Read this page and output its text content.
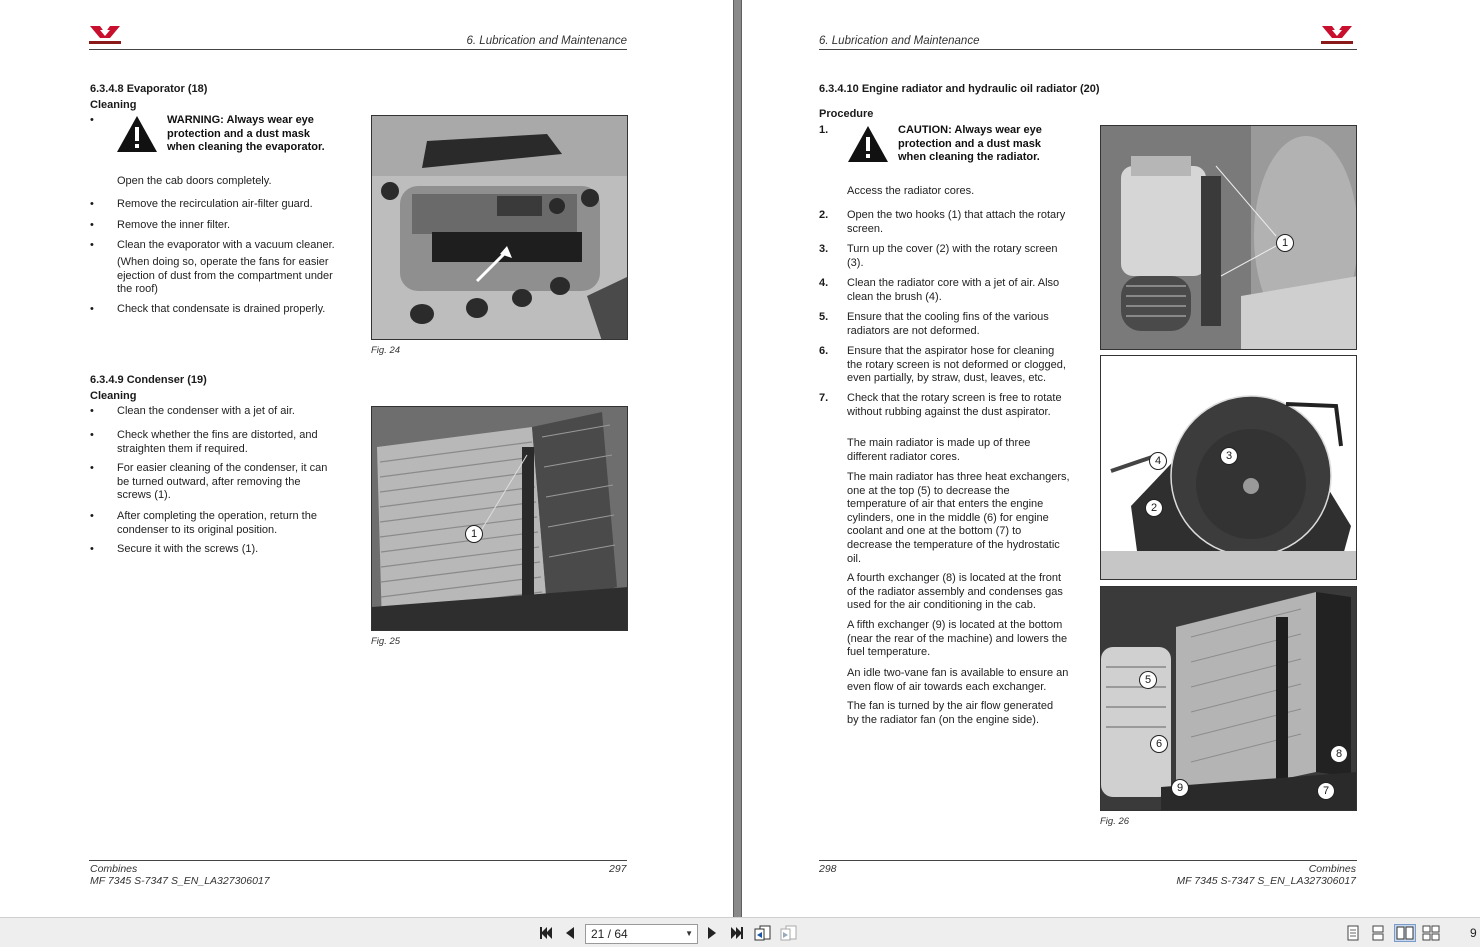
6. Lubrication and Maintenance
6.3.4.8 Evaporator (18)
Cleaning
•	WARNING: Always wear eye
protection and a dust mask
when cleaning the evaporator.
Open the cab doors completely.
• Remove the recirculation air-filter guard.
• Remove the inner filter.
• Clean the evaporator with a vacuum cleaner.
(When doing so, operate the fans for easier
ejection of dust from the compartment under
the roof)
• Check that condensate is drained properly.
Fig. 24
6.3.4.9 Condenser (19)
Cleaning
• Clean the condenser with a jet of air.
• Check whether the fins are distorted, and
straighten them if required.
• For easier cleaning of the condenser, it can
be turned outward, after removing the
screws (1).
• After completing the operation, return the
condenser to its original position.
• Secure it with the screws (1).
1
Fig. 25
Combines
MF 7345 S-7347 S_EN_LA327306017
297
6. Lubrication and Maintenance
6.3.4.10 Engine radiator and hydraulic oil radiator (20)
Procedure
1.	CAUTION: Always wear eye
protection and a dust mask
when cleaning the radiator.
Access the radiator cores.
2. Open the two hooks (1) that attach the rotary
screen.
3. Turn up the cover (2) with the rotary screen
(3).
4. Clean the radiator core with a jet of air. Also
clean the brush (4).
5. Ensure that the cooling fins of the various
radiators are not deformed.
6. Ensure that the aspirator hose for cleaning
the rotary screen is not deformed or clogged,
even partially, by straw, dust, leaves, etc.
7. Check that the rotary screen is free to rotate
without rubbing against the dust aspirator.
The main radiator is made up of three
different radiator cores.
The main radiator has three heat exchangers,
one at the top (5) to decrease the
temperature of air that enters the engine
cylinders, one in the middle (6) for engine
coolant and one at the bottom (7) to
decrease the temperature of the hydrostatic
oil.
A fourth exchanger (8) is located at the front
of the radiator assembly and condenses gas
used for the air conditioning in the cab.
A fifth exchanger (9) is located at the bottom
(near the rear of the machine) and lowers the
fuel temperature.
An idle two-vane fan is available to ensure an
even flow of air towards each exchanger.
The fan is turned by the air flow generated
by the radiator fan (on the engine side).
1
4	3
2
5
6
8
7
9
Fig. 26
298	Combines
MF 7345 S-7347 S_EN_LA327306017
21 / 64	▼	9
